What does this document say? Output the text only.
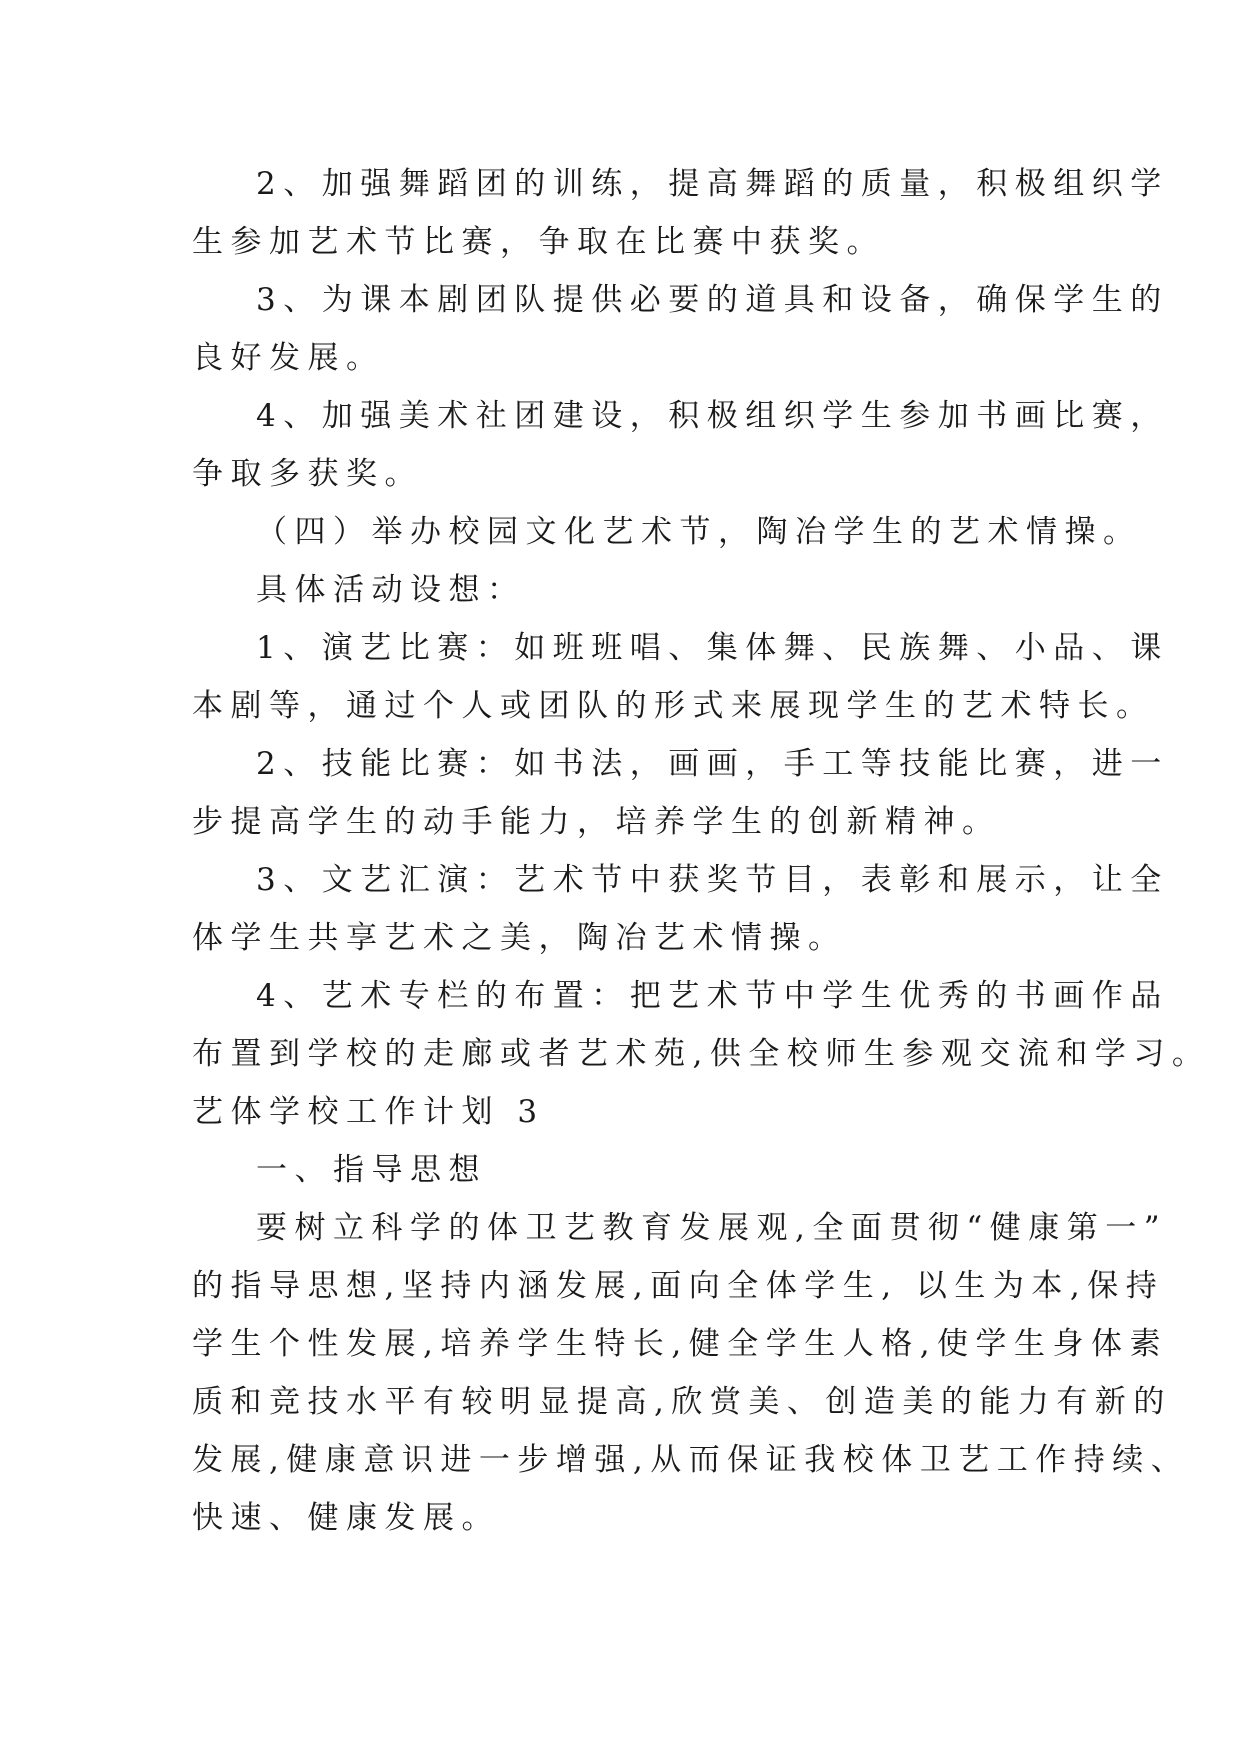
2、加强舞蹈团的训练，提高舞蹈的质量，积极组织学
生参加艺术节比赛，争取在比赛中获奖。
3、为课本剧团队提供必要的道具和设备，确保学生的
良好发展。
4、加强美术社团建设，积极组织学生参加书画比赛，
争取多获奖。
（四）举办校园文化艺术节，陶冶学生的艺术情操。
具体活动设想：
1、演艺比赛：如班班唱、集体舞、民族舞、小品、课
本剧等，通过个人或团队的形式来展现学生的艺术特长。
2、技能比赛：如书法，画画，手工等技能比赛，进一
步提高学生的动手能力，培养学生的创新精神。
3、文艺汇演：艺术节中获奖节目，表彰和展示，让全
体学生共享艺术之美，陶冶艺术情操。
4、艺术专栏的布置：把艺术节中学生优秀的书画作品
布置到学校的走廊或者艺术苑,供全校师生参观交流和学习。
艺体学校工作计划 3
一、指导思想
要树立科学的体卫艺教育发展观,全面贯彻“健康第一”
的指导思想,坚持内涵发展,面向全体学生, 以生为本,保持
学生个性发展,培养学生特长,健全学生人格,使学生身体素
质和竞技水平有较明显提高,欣赏美、创造美的能力有新的
发展,健康意识进一步增强,从而保证我校体卫艺工作持续、
快速、健康发展。
